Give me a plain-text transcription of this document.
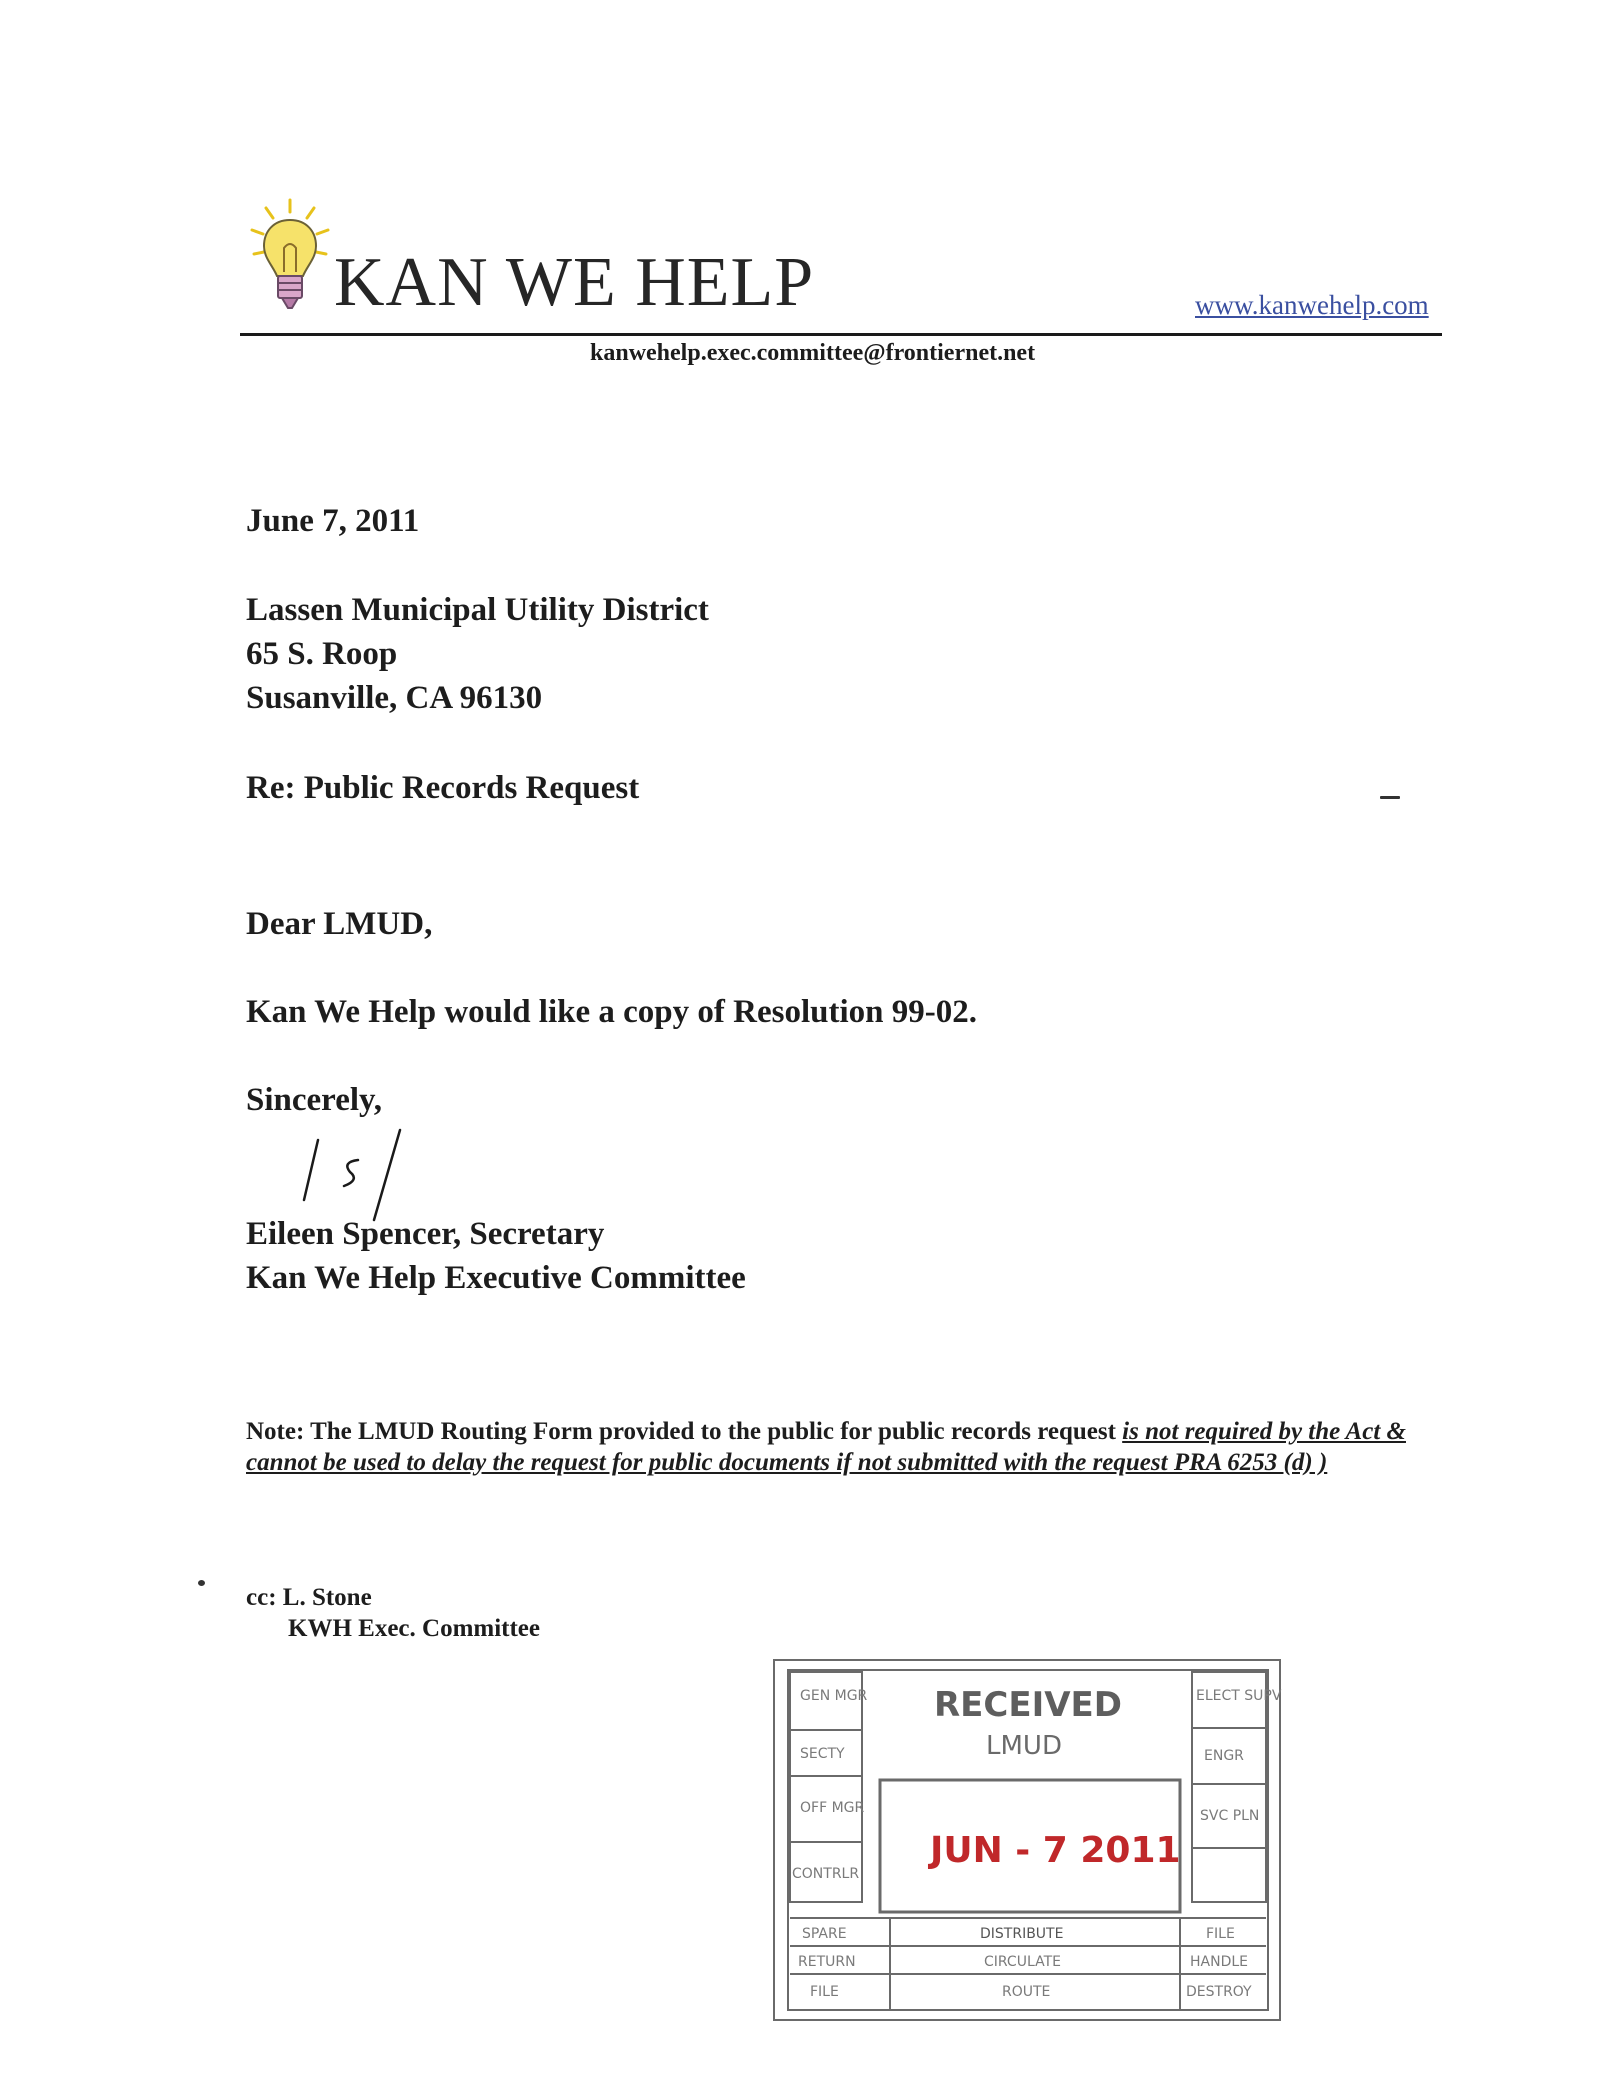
KAN WE HELP	www.kanwehelp.com
kanwehelp.exec.committee@frontiernet.net
June 7, 2011
Lassen Municipal Utility District
65 S. Roop
Susanville, CA 96130
Re: Public Records Request
Dear LMUD,
Kan We Help would like a copy of Resolution 99-02.
Sincerely,
Eileen Spencer, Secretary
Kan We Help Executive Committee
Note: The LMUD Routing Form provided to the public for public records request is not required by the Act & cannot be used to delay the request for public documents if not submitted with the request PRA 6253 (d) )
cc: L. Stone
KWH Exec. Committee
RECEIVED
LMUD
JUN - 7 2011
GEN MGR
SECTY
OFF MGR
CONTRLR
ELECT SUPV
ENGR
SVC PLN
SPARE
RETURN
FILE
DISTRIBUTE
CIRCULATE
ROUTE
FILE
HANDLE
DESTROY
